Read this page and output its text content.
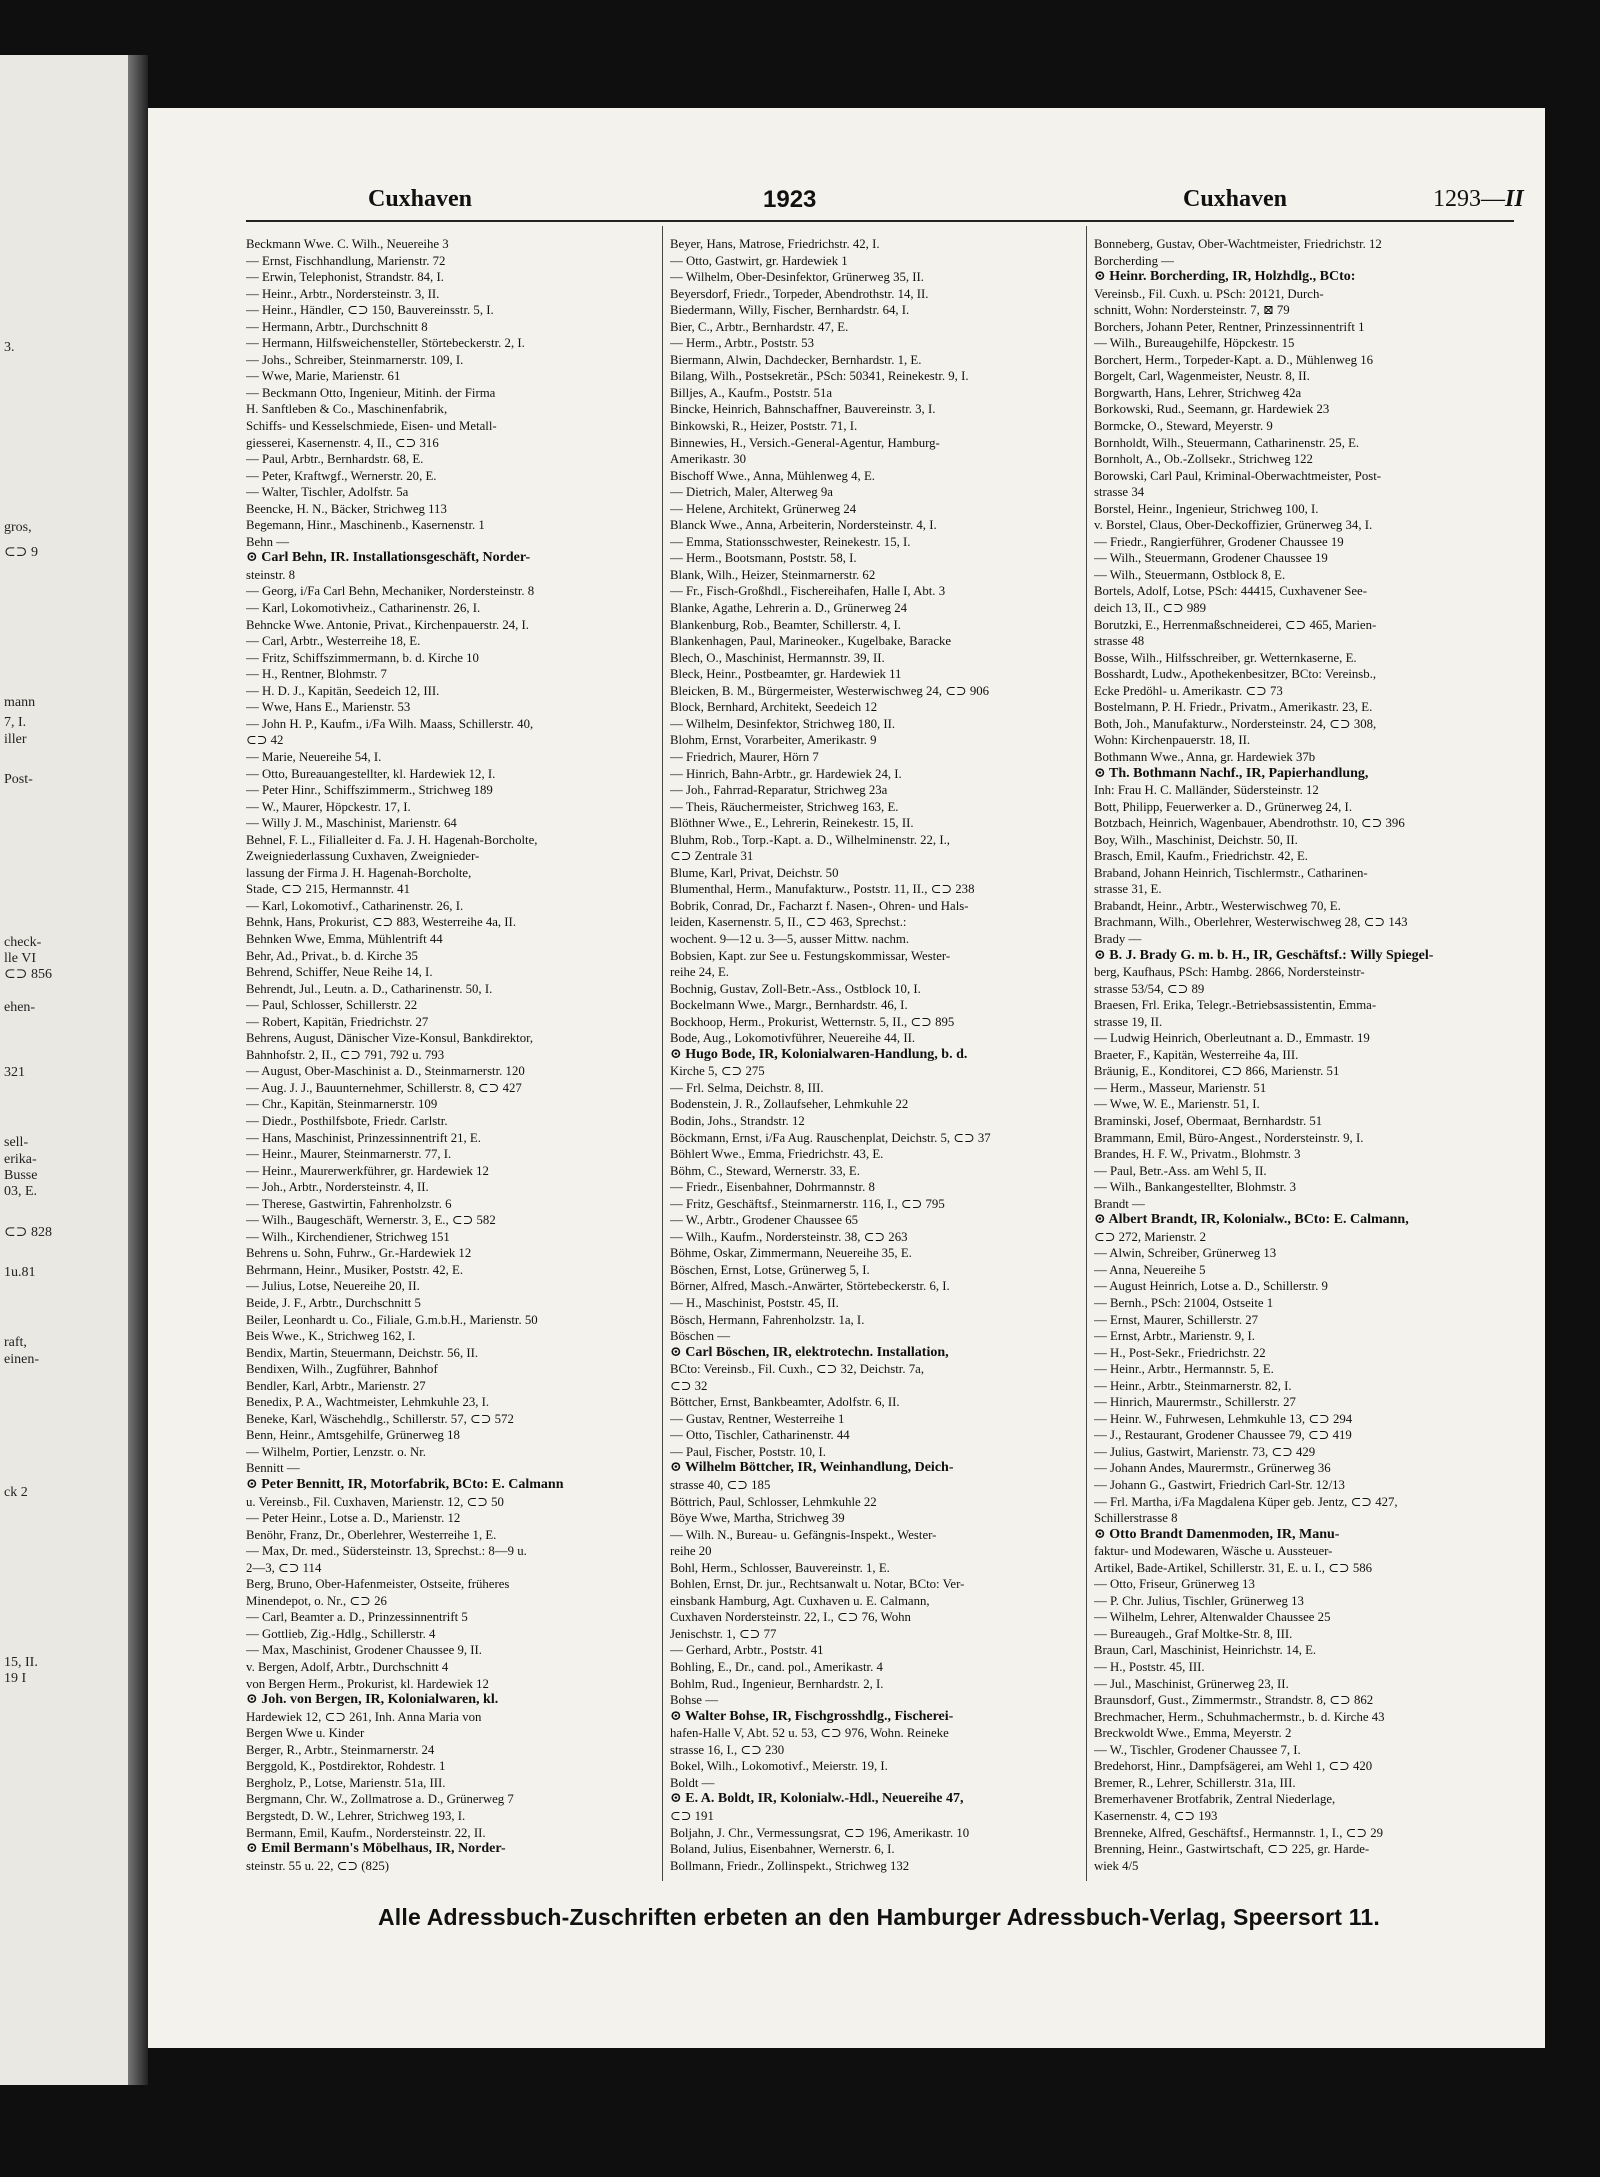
3.
gros,
⊂⊃ 9
mann
7, I.
iller
Post-
check-
lle VI
⊂⊃ 856
ehen-
321
sell-
erika-
Busse
03, E.
⊂⊃ 828
1u.81
raft,
einen-
ck 2
15, II.
19 I
Cuxhaven	1923	Cuxhaven	1293—II
Beckmann Wwe. C. Wilh., Neuereihe 3
— Ernst, Fischhandlung, Marienstr. 72
— Erwin, Telephonist, Strandstr. 84, I.
— Heinr., Arbtr., Nordersteinstr. 3, II.
— Heinr., Händler, ⊂⊃ 150, Bauvereinsstr. 5, I.
— Hermann, Arbtr., Durchschnitt 8
— Hermann, Hilfsweichensteller, Störtebeckerstr. 2, I.
— Johs., Schreiber, Steinmarnerstr. 109, I.
— Wwe, Marie, Marienstr. 61
— Beckmann Otto, Ingenieur, Mitinh. der Firma
H. Sanftleben & Co., Maschinenfabrik,
Schiffs- und Kesselschmiede, Eisen- und Metall-
giesserei, Kasernenstr. 4, II., ⊂⊃ 316
— Paul, Arbtr., Bernhardstr. 68, E.
— Peter, Kraftwgf., Wernerstr. 20, E.
— Walter, Tischler, Adolfstr. 5a
Beencke, H. N., Bäcker, Strichweg 113
Begemann, Hinr., Maschinenb., Kasernenstr. 1
Behn —
⊙ Carl Behn, IR. Installationsgeschäft, Norder-
steinstr. 8
— Georg, i/Fa Carl Behn, Mechaniker, Nordersteinstr. 8
— Karl, Lokomotivheiz., Catharinenstr. 26, I.
Behncke Wwe. Antonie, Privat., Kirchenpauerstr. 24, I.
— Carl, Arbtr., Westerreihe 18, E.
— Fritz, Schiffszimmermann, b. d. Kirche 10
— H., Rentner, Blohmstr. 7
— H. D. J., Kapitän, Seedeich 12, III.
— Wwe, Hans E., Marienstr. 53
— John H. P., Kaufm., i/Fa Wilh. Maass, Schillerstr. 40,
⊂⊃ 42
— Marie, Neuereihe 54, I.
— Otto, Bureauangestellter, kl. Hardewiek 12, I.
— Peter Hinr., Schiffszimmerm., Strichweg 189
— W., Maurer, Höpckestr. 17, I.
— Willy J. M., Maschinist, Marienstr. 64
Behnel, F. L., Filialleiter d. Fa. J. H. Hagenah-Borcholte,
Zweigniederlassung Cuxhaven, Zweignieder-
lassung der Firma J. H. Hagenah-Borcholte,
Stade, ⊂⊃ 215, Hermannstr. 41
— Karl, Lokomotivf., Catharinenstr. 26, I.
Behnk, Hans, Prokurist, ⊂⊃ 883, Westerreihe 4a, II.
Behnken Wwe, Emma, Mühlentrift 44
Behr, Ad., Privat., b. d. Kirche 35
Behrend, Schiffer, Neue Reihe 14, I.
Behrendt, Jul., Leutn. a. D., Catharinenstr. 50, I.
— Paul, Schlosser, Schillerstr. 22
— Robert, Kapitän, Friedrichstr. 27
Behrens, August, Dänischer Vize-Konsul, Bankdirektor,
Bahnhofstr. 2, II., ⊂⊃ 791, 792 u. 793
— August, Ober-Maschinist a. D., Steinmarnerstr. 120
— Aug. J. J., Bauunternehmer, Schillerstr. 8, ⊂⊃ 427
— Chr., Kapitän, Steinmarnerstr. 109
— Diedr., Posthilfsbote, Friedr. Carlstr.
— Hans, Maschinist, Prinzessinnentrift 21, E.
— Heinr., Maurer, Steinmarnerstr. 77, I.
— Heinr., Maurerwerkführer, gr. Hardewiek 12
— Joh., Arbtr., Nordersteinstr. 4, II.
— Therese, Gastwirtin, Fahrenholzstr. 6
— Wilh., Baugeschäft, Wernerstr. 3, E., ⊂⊃ 582
— Wilh., Kirchendiener, Strichweg 151
Behrens u. Sohn, Fuhrw., Gr.-Hardewiek 12
Behrmann, Heinr., Musiker, Poststr. 42, E.
— Julius, Lotse, Neuereihe 20, II.
Beide, J. F., Arbtr., Durchschnitt 5
Beiler, Leonhardt u. Co., Filiale, G.m.b.H., Marienstr. 50
Beis Wwe., K., Strichweg 162, I.
Bendix, Martin, Steuermann, Deichstr. 56, II.
Bendixen, Wilh., Zugführer, Bahnhof
Bendler, Karl, Arbtr., Marienstr. 27
Benedix, P. A., Wachtmeister, Lehmkuhle 23, I.
Beneke, Karl, Wäschehdlg., Schillerstr. 57, ⊂⊃ 572
Benn, Heinr., Amtsgehilfe, Grünerweg 18
— Wilhelm, Portier, Lenzstr. o. Nr.
Bennitt —
⊙ Peter Bennitt, IR, Motorfabrik, BCto: E. Calmann
u. Vereinsb., Fil. Cuxhaven, Marienstr. 12, ⊂⊃ 50
— Peter Heinr., Lotse a. D., Marienstr. 12
Benöhr, Franz, Dr., Oberlehrer, Westerreihe 1, E.
— Max, Dr. med., Südersteinstr. 13, Sprechst.: 8—9 u.
2—3, ⊂⊃ 114
Berg, Bruno, Ober-Hafenmeister, Ostseite, früheres
Minendepot, o. Nr., ⊂⊃ 26
— Carl, Beamter a. D., Prinzessinnentrift 5
— Gottlieb, Zig.-Hdlg., Schillerstr. 4
— Max, Maschinist, Grodener Chaussee 9, II.
v. Bergen, Adolf, Arbtr., Durchschnitt 4
von Bergen Herm., Prokurist, kl. Hardewiek 12
⊙ Joh. von Bergen, IR, Kolonialwaren, kl.
Hardewiek 12, ⊂⊃ 261, Inh. Anna Maria von
Bergen Wwe u. Kinder
Berger, R., Arbtr., Steinmarnerstr. 24
Berggold, K., Postdirektor, Rohdestr. 1
Bergholz, P., Lotse, Marienstr. 51a, III.
Bergmann, Chr. W., Zollmatrose a. D., Grünerweg 7
Bergstedt, D. W., Lehrer, Strichweg 193, I.
Bermann, Emil, Kaufm., Nordersteinstr. 22, II.
⊙ Emil Bermann's Möbelhaus, IR, Norder-
steinstr. 55 u. 22, ⊂⊃ (825)
Beyer, Hans, Matrose, Friedrichstr. 42, I.
— Otto, Gastwirt, gr. Hardewiek 1
— Wilhelm, Ober-Desinfektor, Grünerweg 35, II.
Beyersdorf, Friedr., Torpeder, Abendrothstr. 14, II.
Biedermann, Willy, Fischer, Bernhardstr. 64, I.
Bier, C., Arbtr., Bernhardstr. 47, E.
— Herm., Arbtr., Poststr. 53
Biermann, Alwin, Dachdecker, Bernhardstr. 1, E.
Bilang, Wilh., Postsekretär., PSch: 50341, Reinekestr. 9, I.
Billjes, A., Kaufm., Poststr. 51a
Bincke, Heinrich, Bahnschaffner, Bauvereinstr. 3, I.
Binkowski, R., Heizer, Poststr. 71, I.
Binnewies, H., Versich.-General-Agentur, Hamburg-
Amerikastr. 30
Bischoff Wwe., Anna, Mühlenweg 4, E.
— Dietrich, Maler, Alterweg 9a
— Helene, Architekt, Grünerweg 24
Blanck Wwe., Anna, Arbeiterin, Nordersteinstr. 4, I.
— Emma, Stationsschwester, Reinekestr. 15, I.
— Herm., Bootsmann, Poststr. 58, I.
Blank, Wilh., Heizer, Steinmarnerstr. 62
— Fr., Fisch-Großhdl., Fischereihafen, Halle I, Abt. 3
Blanke, Agathe, Lehrerin a. D., Grünerweg 24
Blankenburg, Rob., Beamter, Schillerstr. 4, I.
Blankenhagen, Paul, Marineoker., Kugelbake, Baracke
Blech, O., Maschinist, Hermannstr. 39, II.
Bleck, Heinr., Postbeamter, gr. Hardewiek 11
Bleicken, B. M., Bürgermeister, Westerwischweg 24, ⊂⊃ 906
Block, Bernhard, Architekt, Seedeich 12
— Wilhelm, Desinfektor, Strichweg 180, II.
Blohm, Ernst, Vorarbeiter, Amerikastr. 9
— Friedrich, Maurer, Hörn 7
— Hinrich, Bahn-Arbtr., gr. Hardewiek 24, I.
— Joh., Fahrrad-Reparatur, Strichweg 23a
— Theis, Räuchermeister, Strichweg 163, E.
Blöthner Wwe., E., Lehrerin, Reinekestr. 15, II.
Bluhm, Rob., Torp.-Kapt. a. D., Wilhelminenstr. 22, I.,
⊂⊃ Zentrale 31
Blume, Karl, Privat, Deichstr. 50
Blumenthal, Herm., Manufakturw., Poststr. 11, II., ⊂⊃ 238
Bobrik, Conrad, Dr., Facharzt f. Nasen-, Ohren- und Hals-
leiden, Kasernenstr. 5, II., ⊂⊃ 463, Sprechst.:
wochent. 9—12 u. 3—5, ausser Mittw. nachm.
Bobsien, Kapt. zur See u. Festungskommissar, Wester-
reihe 24, E.
Bochnig, Gustav, Zoll-Betr.-Ass., Ostblock 10, I.
Bockelmann Wwe., Margr., Bernhardstr. 46, I.
Bockhoop, Herm., Prokurist, Wetternstr. 5, II., ⊂⊃ 895
Bode, Aug., Lokomotivführer, Neuereihe 44, II.
⊙ Hugo Bode, IR, Kolonialwaren-Handlung, b. d.
Kirche 5, ⊂⊃ 275
— Frl. Selma, Deichstr. 8, III.
Bodenstein, J. R., Zollaufseher, Lehmkuhle 22
Bodin, Johs., Strandstr. 12
Böckmann, Ernst, i/Fa Aug. Rauschenplat, Deichstr. 5, ⊂⊃ 37
Böhlert Wwe., Emma, Friedrichstr. 43, E.
Böhm, C., Steward, Wernerstr. 33, E.
— Friedr., Eisenbahner, Dohrmannstr. 8
— Fritz, Geschäftsf., Steinmarnerstr. 116, I., ⊂⊃ 795
— W., Arbtr., Grodener Chaussee 65
— Wilh., Kaufm., Nordersteinstr. 38, ⊂⊃ 263
Böhme, Oskar, Zimmermann, Neuereihe 35, E.
Böschen, Ernst, Lotse, Grünerweg 5, I.
Börner, Alfred, Masch.-Anwärter, Störtebeckerstr. 6, I.
— H., Maschinist, Poststr. 45, II.
Bösch, Hermann, Fahrenholzstr. 1a, I.
Böschen —
⊙ Carl Böschen, IR, elektrotechn. Installation,
BCto: Vereinsb., Fil. Cuxh., ⊂⊃ 32, Deichstr. 7a,
⊂⊃ 32
Böttcher, Ernst, Bankbeamter, Adolfstr. 6, II.
— Gustav, Rentner, Westerreihe 1
— Otto, Tischler, Catharinenstr. 44
— Paul, Fischer, Poststr. 10, I.
⊙ Wilhelm Böttcher, IR, Weinhandlung, Deich-
strasse 40, ⊂⊃ 185
Böttrich, Paul, Schlosser, Lehmkuhle 22
Böye Wwe, Martha, Strichweg 39
— Wilh. N., Bureau- u. Gefängnis-Inspekt., Wester-
reihe 20
Bohl, Herm., Schlosser, Bauvereinstr. 1, E.
Bohlen, Ernst, Dr. jur., Rechtsanwalt u. Notar, BCto: Ver-
einsbank Hamburg, Agt. Cuxhaven u. E. Calmann,
Cuxhaven Nordersteinstr. 22, I., ⊂⊃ 76, Wohn
Jenischstr. 1, ⊂⊃ 77
— Gerhard, Arbtr., Poststr. 41
Bohling, E., Dr., cand. pol., Amerikastr. 4
Bohlm, Rud., Ingenieur, Bernhardstr. 2, I.
Bohse —
⊙ Walter Bohse, IR, Fischgrosshdlg., Fischerei-
hafen-Halle V, Abt. 52 u. 53, ⊂⊃ 976, Wohn. Reineke
strasse 16, I., ⊂⊃ 230
Bokel, Wilh., Lokomotivf., Meierstr. 19, I.
Boldt —
⊙ E. A. Boldt, IR, Kolonialw.-Hdl., Neuereihe 47,
⊂⊃ 191
Boljahn, J. Chr., Vermessungsrat, ⊂⊃ 196, Amerikastr. 10
Boland, Julius, Eisenbahner, Wernerstr. 6, I.
Bollmann, Friedr., Zollinspekt., Strichweg 132
Bonneberg, Gustav, Ober-Wachtmeister, Friedrichstr. 12
Borcherding —
⊙ Heinr. Borcherding, IR, Holzhdlg., BCto:
Vereinsb., Fil. Cuxh. u. PSch: 20121, Durch-
schnitt, Wohn: Nordersteinstr. 7, ⊠ 79
Borchers, Johann Peter, Rentner, Prinzessinnentrift 1
— Wilh., Bureaugehilfe, Höpckestr. 15
Borchert, Herm., Torpeder-Kapt. a. D., Mühlenweg 16
Borgelt, Carl, Wagenmeister, Neustr. 8, II.
Borgwarth, Hans, Lehrer, Strichweg 42a
Borkowski, Rud., Seemann, gr. Hardewiek 23
Bormcke, O., Steward, Meyerstr. 9
Bornholdt, Wilh., Steuermann, Catharinenstr. 25, E.
Bornholt, A., Ob.-Zollsekr., Strichweg 122
Borowski, Carl Paul, Kriminal-Oberwachtmeister, Post-
strasse 34
Borstel, Heinr., Ingenieur, Strichweg 100, I.
v. Borstel, Claus, Ober-Deckoffizier, Grünerweg 34, I.
— Friedr., Rangierführer, Grodener Chaussee 19
— Wilh., Steuermann, Grodener Chaussee 19
— Wilh., Steuermann, Ostblock 8, E.
Bortels, Adolf, Lotse, PSch: 44415, Cuxhavener See-
deich 13, II., ⊂⊃ 989
Borutzki, E., Herrenmaßschneiderei, ⊂⊃ 465, Marien-
strasse 48
Bosse, Wilh., Hilfsschreiber, gr. Wetternkaserne, E.
Bosshardt, Ludw., Apothekenbesitzer, BCto: Vereinsb.,
Ecke Predöhl- u. Amerikastr. ⊂⊃ 73
Bostelmann, P. H. Friedr., Privatm., Amerikastr. 23, E.
Both, Joh., Manufakturw., Nordersteinstr. 24, ⊂⊃ 308,
Wohn: Kirchenpauerstr. 18, II.
Bothmann Wwe., Anna, gr. Hardewiek 37b
⊙ Th. Bothmann Nachf., IR, Papierhandlung,
Inh: Frau H. C. Malländer, Südersteinstr. 12
Bott, Philipp, Feuerwerker a. D., Grünerweg 24, I.
Botzbach, Heinrich, Wagenbauer, Abendrothstr. 10, ⊂⊃ 396
Boy, Wilh., Maschinist, Deichstr. 50, II.
Brasch, Emil, Kaufm., Friedrichstr. 42, E.
Braband, Johann Heinrich, Tischlermstr., Catharinen-
strasse 31, E.
Brabandt, Heinr., Arbtr., Westerwischweg 70, E.
Brachmann, Wilh., Oberlehrer, Westerwischweg 28, ⊂⊃ 143
Brady —
⊙ B. J. Brady G. m. b. H., IR, Geschäftsf.: Willy Spiegel-
berg, Kaufhaus, PSch: Hambg. 2866, Nordersteinstr-
strasse 53/54, ⊂⊃ 89
Braesen, Frl. Erika, Telegr.-Betriebsassistentin, Emma-
strasse 19, II.
— Ludwig Heinrich, Oberleutnant a. D., Emmastr. 19
Braeter, F., Kapitän, Westerreihe 4a, III.
Bräunig, E., Konditorei, ⊂⊃ 866, Marienstr. 51
— Herm., Masseur, Marienstr. 51
— Wwe, W. E., Marienstr. 51, I.
Braminski, Josef, Obermaat, Bernhardstr. 51
Brammann, Emil, Büro-Angest., Nordersteinstr. 9, I.
Brandes, H. F. W., Privatm., Blohmstr. 3
— Paul, Betr.-Ass. am Wehl 5, II.
— Wilh., Bankangestellter, Blohmstr. 3
Brandt —
⊙ Albert Brandt, IR, Kolonialw., BCto: E. Calmann,
⊂⊃ 272, Marienstr. 2
— Alwin, Schreiber, Grünerweg 13
— Anna, Neuereihe 5
— August Heinrich, Lotse a. D., Schillerstr. 9
— Bernh., PSch: 21004, Ostseite 1
— Ernst, Maurer, Schillerstr. 27
— Ernst, Arbtr., Marienstr. 9, I.
— H., Post-Sekr., Friedrichstr. 22
— Heinr., Arbtr., Hermannstr. 5, E.
— Heinr., Arbtr., Steinmarnerstr. 82, I.
— Hinrich, Maurermstr., Schillerstr. 27
— Heinr. W., Fuhrwesen, Lehmkuhle 13, ⊂⊃ 294
— J., Restaurant, Grodener Chaussee 79, ⊂⊃ 419
— Julius, Gastwirt, Marienstr. 73, ⊂⊃ 429
— Johann Andes, Maurermstr., Grünerweg 36
— Johann G., Gastwirt, Friedrich Carl-Str. 12/13
— Frl. Martha, i/Fa Magdalena Küper geb. Jentz, ⊂⊃ 427,
Schillerstrasse 8
⊙ Otto Brandt Damenmoden, IR, Manu-
faktur- und Modewaren, Wäsche u. Aussteuer-
Artikel, Bade-Artikel, Schillerstr. 31, E. u. I., ⊂⊃ 586
— Otto, Friseur, Grünerweg 13
— P. Chr. Julius, Tischler, Grünerweg 13
— Wilhelm, Lehrer, Altenwalder Chaussee 25
— Bureaugeh., Graf Moltke-Str. 8, III.
Braun, Carl, Maschinist, Heinrichstr. 14, E.
— H., Poststr. 45, III.
— Jul., Maschinist, Grünerweg 23, II.
Braunsdorf, Gust., Zimmermstr., Strandstr. 8, ⊂⊃ 862
Brechmacher, Herm., Schuhmachermstr., b. d. Kirche 43
Breckwoldt Wwe., Emma, Meyerstr. 2
— W., Tischler, Grodener Chaussee 7, I.
Bredehorst, Hinr., Dampfsägerei, am Wehl 1, ⊂⊃ 420
Bremer, R., Lehrer, Schillerstr. 31a, III.
Bremerhavener Brotfabrik, Zentral Niederlage,
Kasernenstr. 4, ⊂⊃ 193
Brenneke, Alfred, Geschäftsf., Hermannstr. 1, I., ⊂⊃ 29
Brenning, Heinr., Gastwirtschaft, ⊂⊃ 225, gr. Harde-
wiek 4/5
Alle Adressbuch-Zuschriften erbeten an den Hamburger Adressbuch-Verlag, Speersort 11.
